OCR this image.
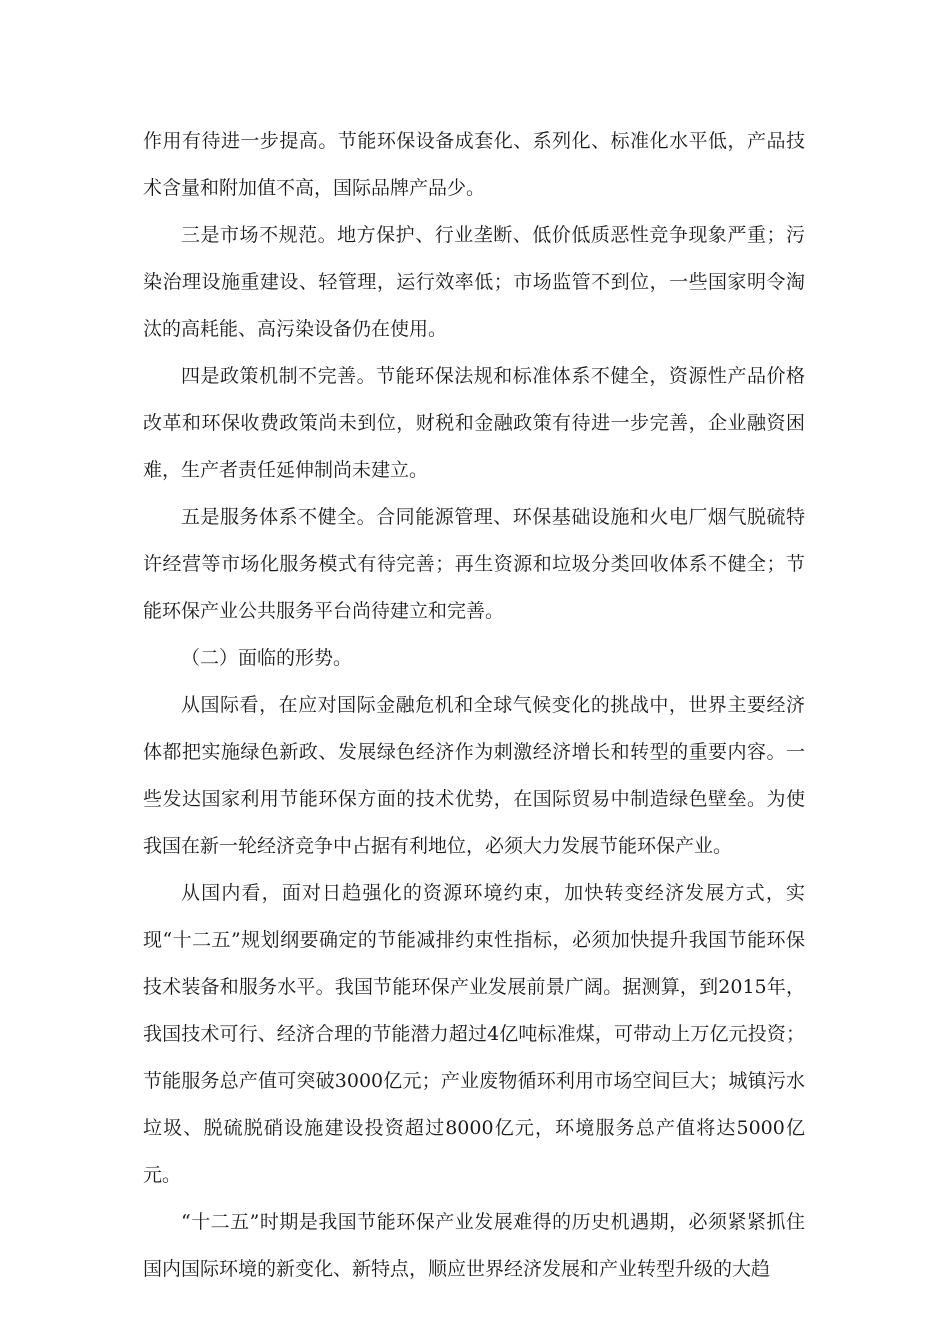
作用有待进一步提高。节能环保设备成套化、系列化、标准化水平低，产品技术含量和附加值不高，国际品牌产品少。

三是市场不规范。地方保护、行业垄断、低价低质恶性竞争现象严重；污染治理设施重建设、轻管理，运行效率低；市场监管不到位，一些国家明令淘汰的高耗能、高污染设备仍在使用。

四是政策机制不完善。节能环保法规和标准体系不健全，资源性产品价格改革和环保收费政策尚未到位，财税和金融政策有待进一步完善，企业融资困难，生产者责任延伸制尚未建立。

五是服务体系不健全。合同能源管理、环保基础设施和火电厂烟气脱硫特许经营等市场化服务模式有待完善；再生资源和垃圾分类回收体系不健全；节能环保产业公共服务平台尚待建立和完善。

（二）面临的形势。

从国际看，在应对国际金融危机和全球气候变化的挑战中，世界主要经济体都把实施绿色新政、发展绿色经济作为刺激经济增长和转型的重要内容。一些发达国家利用节能环保方面的技术优势，在国际贸易中制造绿色壁垒。为使我国在新一轮经济竞争中占据有利地位，必须大力发展节能环保产业。

从国内看，面对日趋强化的资源环境约束，加快转变经济发展方式，实现“十二五”规划纲要确定的节能减排约束性指标，必须加快提升我国节能环保技术装备和服务水平。我国节能环保产业发展前景广阔。据测算，到2015年，我国技术可行、经济合理的节能潜力超过4亿吨标准煤，可带动上万亿元投资；节能服务总产值可突破3000亿元；产业废物循环利用市场空间巨大；城镇污水垃圾、脱硫脱硝设施建设投资超过8000亿元，环境服务总产值将达5000亿元。

“十二五”时期是我国节能环保产业发展难得的历史机遇期，必须紧紧抓住国内国际环境的新变化、新特点，顺应世界经济发展和产业转型升级的大趋
